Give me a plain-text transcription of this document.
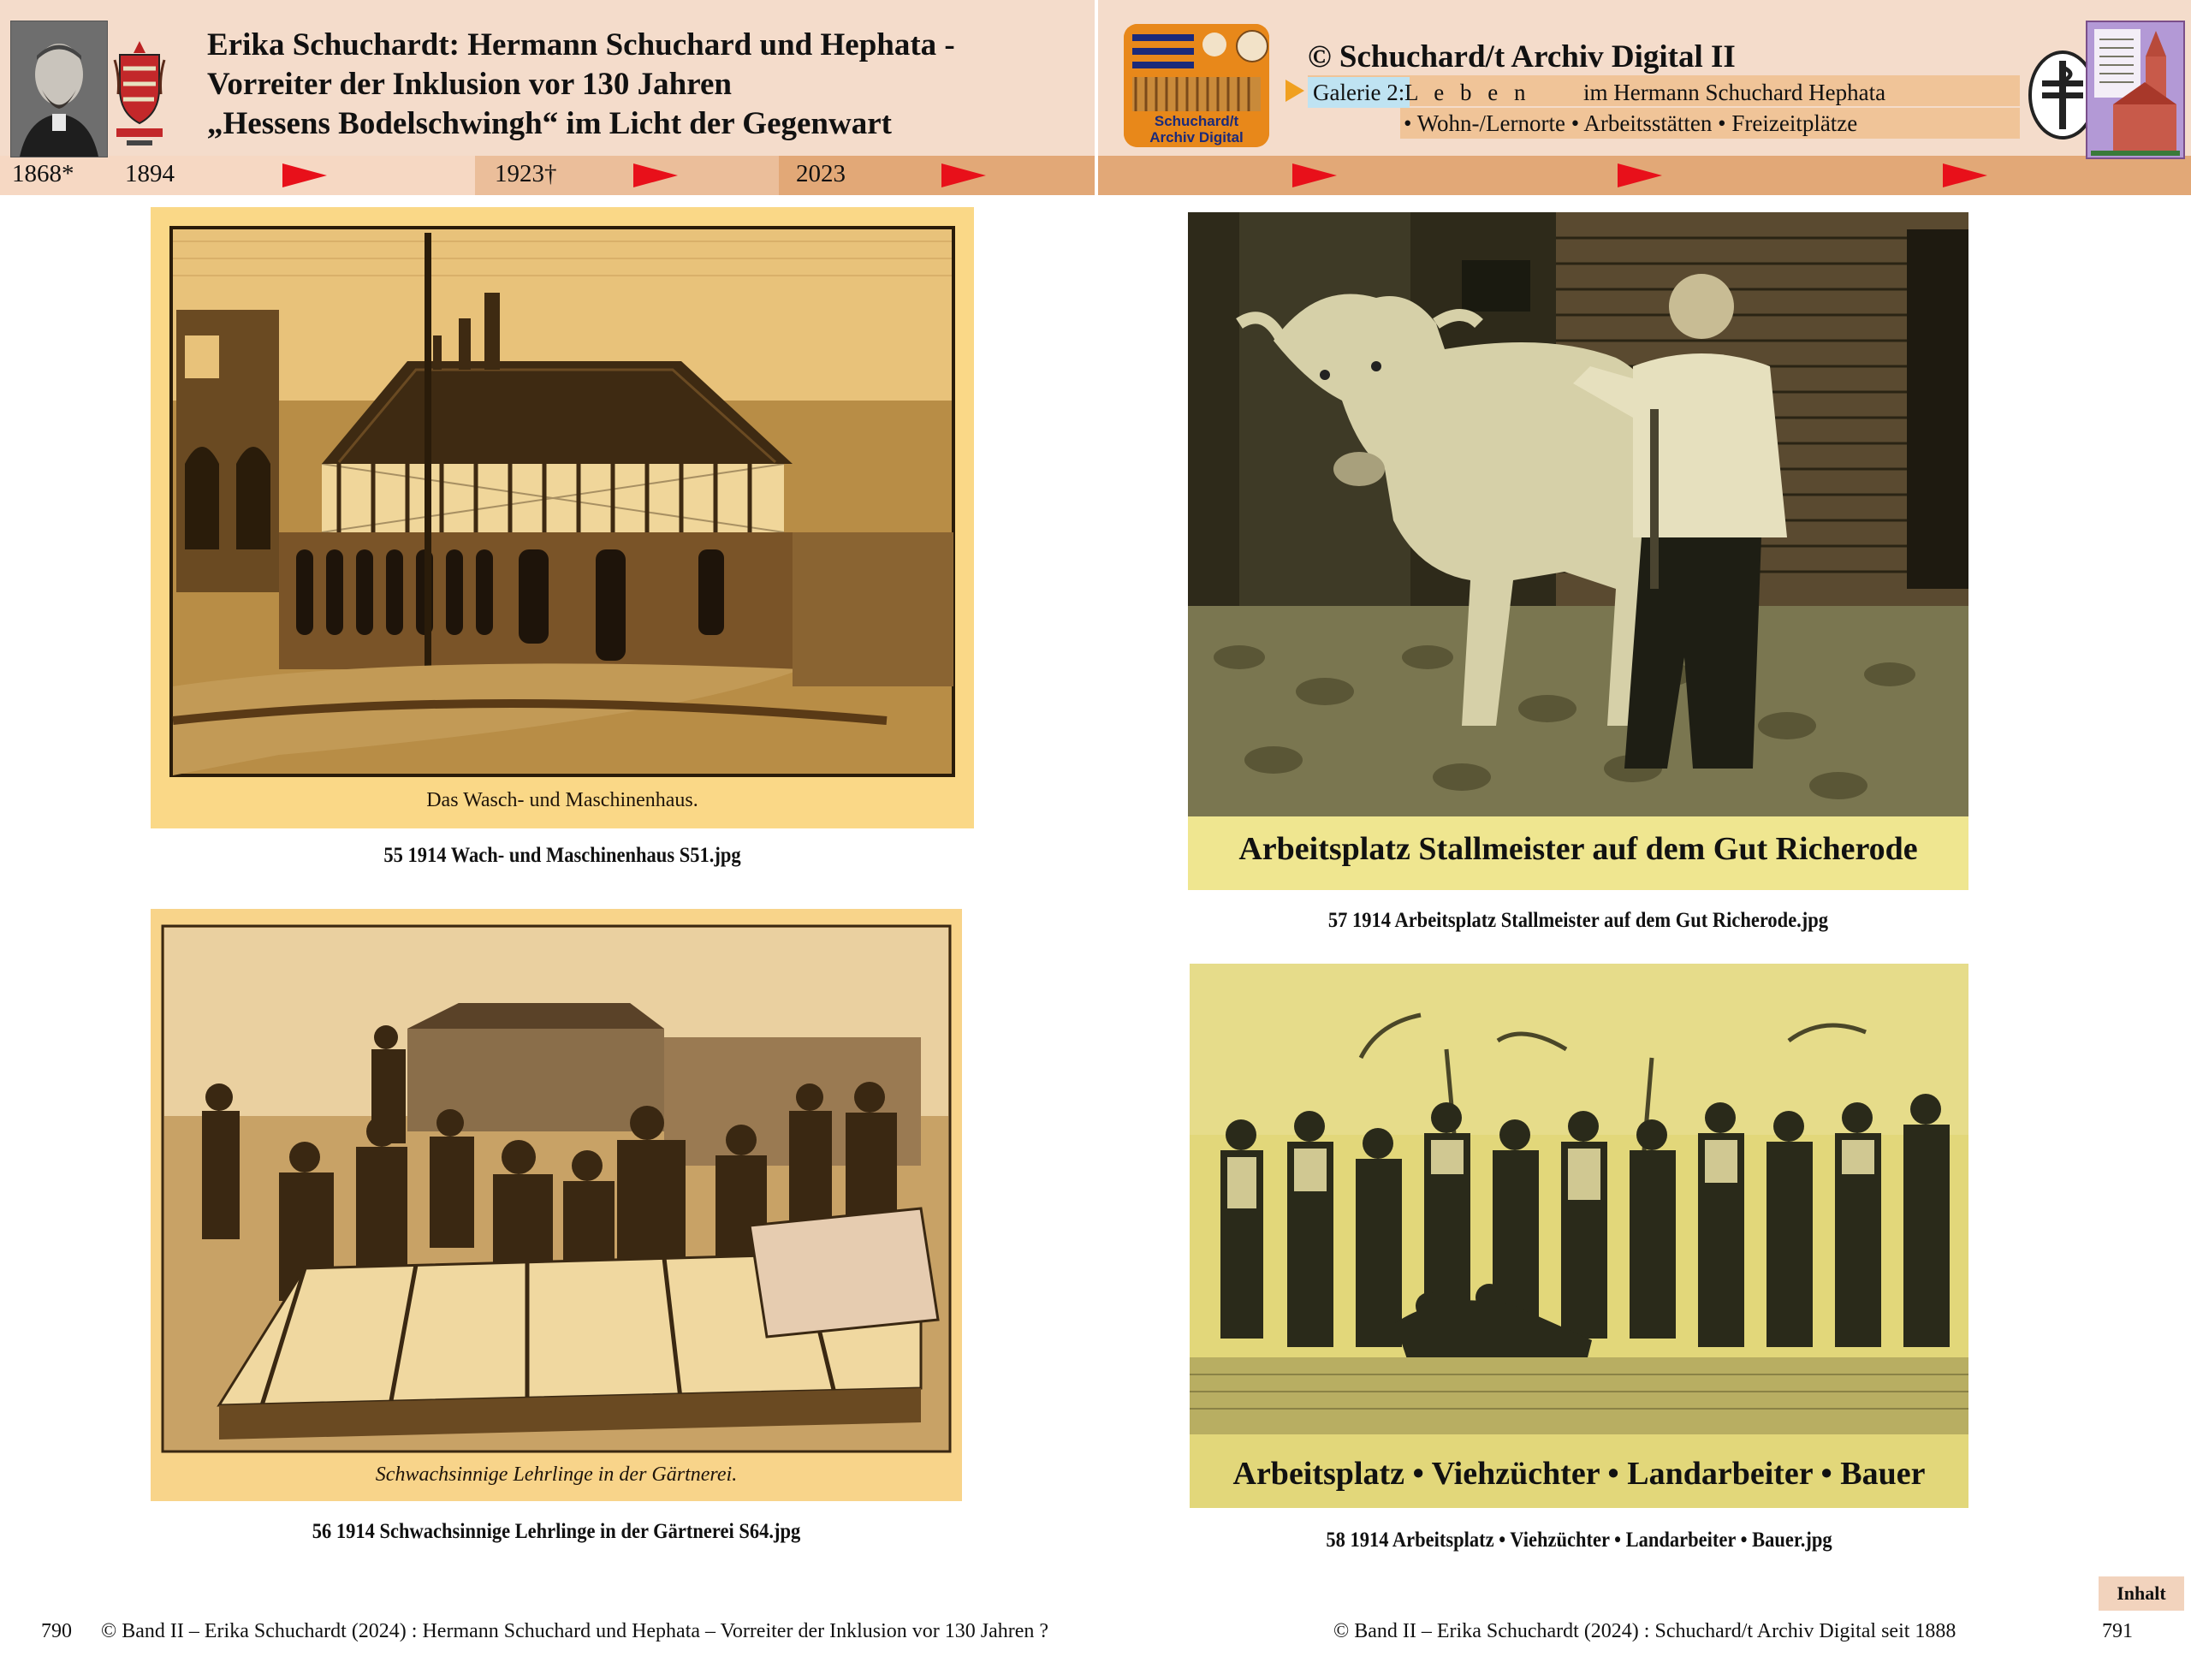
Erika Schuchardt: Hermann Schuchard und Hephata -
Vorreiter der Inklusion vor 130 Jahren
„Hessens Bodelschwingh“ im Licht der Gegenwart
1868* 1894	1923†	2023
Schuchard/t
Archiv Digital
© Schuchard/t Archiv Digital II
Galerie 2: L e b e n im Hermann Schuchard Hephata
• Wohn-/Lernorte • Arbeitsstätten • Freizeitplätze
Das Wasch- und Maschinenhaus.
55 1914 Wach- und Maschinenhaus S51.jpg
Schwachsinnige Lehrlinge in der Gärtnerei.
56 1914 Schwachsinnige Lehrlinge in der Gärtnerei S64.jpg
Arbeitsplatz Stallmeister auf dem Gut Richerode
57 1914 Arbeitsplatz Stallmeister auf dem Gut Richerode.jpg
Arbeitsplatz • Viehzüchter • Landarbeiter • Bauer
58 1914 Arbeitsplatz • Viehzüchter • Landarbeiter • Bauer.jpg
790 © Band II – Erika Schuchardt (2024) : Hermann Schuchard und Hephata – Vorreiter der Inklusion vor 130 Jahren ?	© Band II – Erika Schuchardt (2024) : Schuchard/t Archiv Digital seit 1888	791
Inhalt
